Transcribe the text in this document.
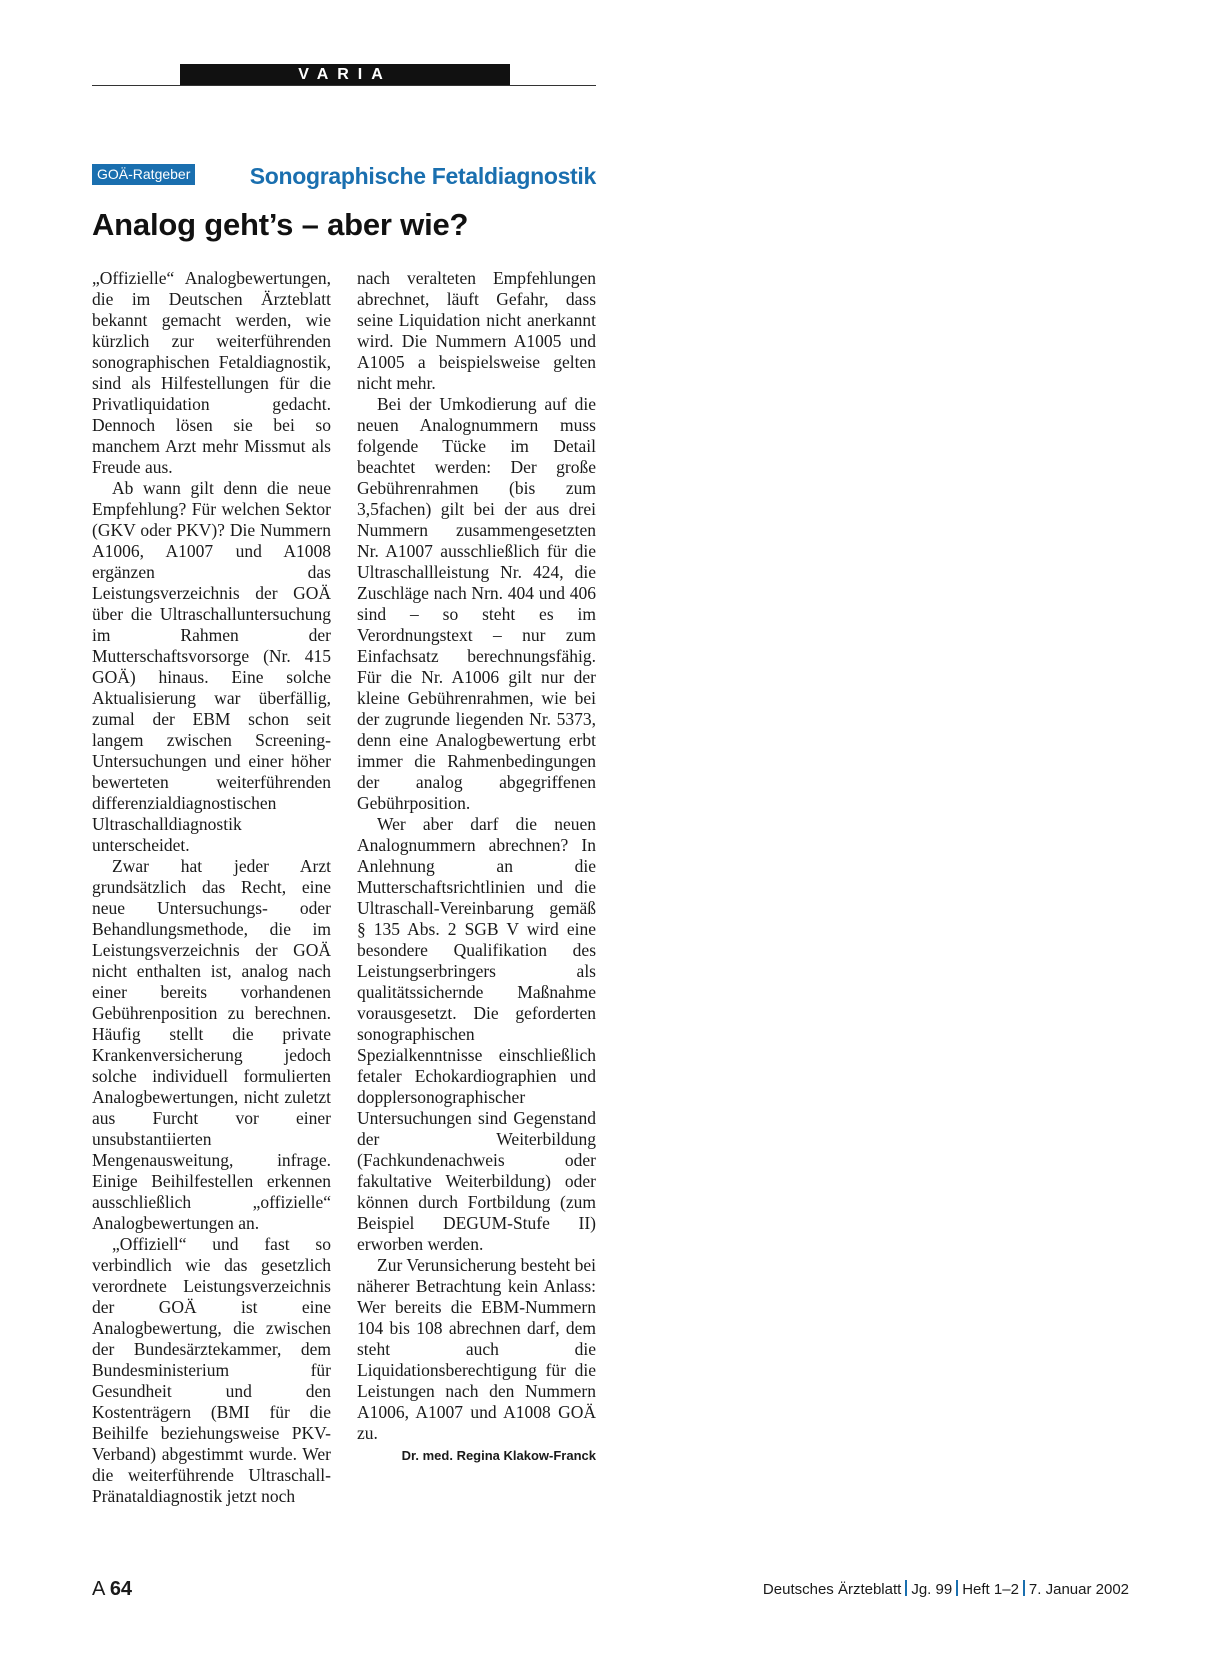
VARIA
GOÄ-Ratgeber	Sonographische Fetaldiagnostik
Analog geht’s – aber wie?

„Offizielle“ Analogbewertungen, die im Deutschen Ärzteblatt bekannt gemacht werden, wie kürzlich zur weiterführenden sonographischen Fetaldiagnostik, sind als Hilfestellungen für die Privatliquidation gedacht. Dennoch lösen sie bei so manchem Arzt mehr Missmut als Freude aus.

Ab wann gilt denn die neue Empfehlung? Für welchen Sektor (GKV oder PKV)? Die Nummern A1006, A1007 und A1008 ergänzen das Leistungsverzeichnis der GOÄ über die Ultraschalluntersuchung im Rahmen der Mutterschaftsvorsorge (Nr. 415 GOÄ) hinaus. Eine solche Aktualisierung war überfällig, zumal der EBM schon seit langem zwischen Screening-Untersuchungen und einer höher bewerteten weiterführenden differenzialdiagnostischen Ultraschalldiagnostik unterscheidet.

Zwar hat jeder Arzt grundsätzlich das Recht, eine neue Untersuchungs- oder Behandlungsmethode, die im Leistungsverzeichnis der GOÄ nicht enthalten ist, analog nach einer bereits vorhandenen Gebührenposition zu berechnen. Häufig stellt die private Krankenversicherung jedoch solche individuell formulierten Analogbewertungen, nicht zuletzt aus Furcht vor einer unsubstantiierten Mengenausweitung, infrage. Einige Beihilfestellen erkennen ausschließlich „offizielle“ Analogbewertungen an.

„Offiziell“ und fast so verbindlich wie das gesetzlich verordnete Leistungsverzeichnis der GOÄ ist eine Analogbewertung, die zwischen der Bundesärztekammer, dem Bundesministerium für Gesundheit und den Kostenträgern (BMI für die Beihilfe beziehungsweise PKV-Verband) abgestimmt wurde. Wer die weiterführende Ultraschall-Pränataldiagnostik jetzt noch

nach veralteten Empfehlungen abrechnet, läuft Gefahr, dass seine Liquidation nicht anerkannt wird. Die Nummern A1005 und A1005 a beispielsweise gelten nicht mehr.

Bei der Umkodierung auf die neuen Analognummern muss folgende Tücke im Detail beachtet werden: Der große Gebührenrahmen (bis zum 3,5fachen) gilt bei der aus drei Nummern zusammengesetzten Nr. A1007 ausschließlich für die Ultraschallleistung Nr. 424, die Zuschläge nach Nrn. 404 und 406 sind – so steht es im Verordnungstext – nur zum Einfachsatz berechnungsfähig. Für die Nr. A1006 gilt nur der kleine Gebührenrahmen, wie bei der zugrunde liegenden Nr. 5373, denn eine Analogbewertung erbt immer die Rahmenbedingungen der analog abgegriffenen Gebührposition.

Wer aber darf die neuen Analognummern abrechnen? In Anlehnung an die Mutterschaftsrichtlinien und die Ultraschall-Vereinbarung gemäß § 135 Abs. 2 SGB V wird eine besondere Qualifikation des Leistungserbringers als qualitätssichernde Maßnahme vorausgesetzt. Die geforderten sonographischen Spezialkenntnisse einschließlich fetaler Echokardiographien und dopplersonographischer Untersuchungen sind Gegenstand der Weiterbildung (Fachkundenachweis oder fakultative Weiterbildung) oder können durch Fortbildung (zum Beispiel DEGUM-Stufe II) erworben werden.

Zur Verunsicherung besteht bei näherer Betrachtung kein Anlass: Wer bereits die EBM-Nummern 104 bis 108 abrechnen darf, dem steht auch die Liquidationsberechtigung für die Leistungen nach den Nummern A1006, A1007 und A1008 GOÄ zu.

Dr. med. Regina Klakow-Franck
A 64	Deutsches Ärzteblatt Jg. 99 Heft 1–2 7. Januar 2002
